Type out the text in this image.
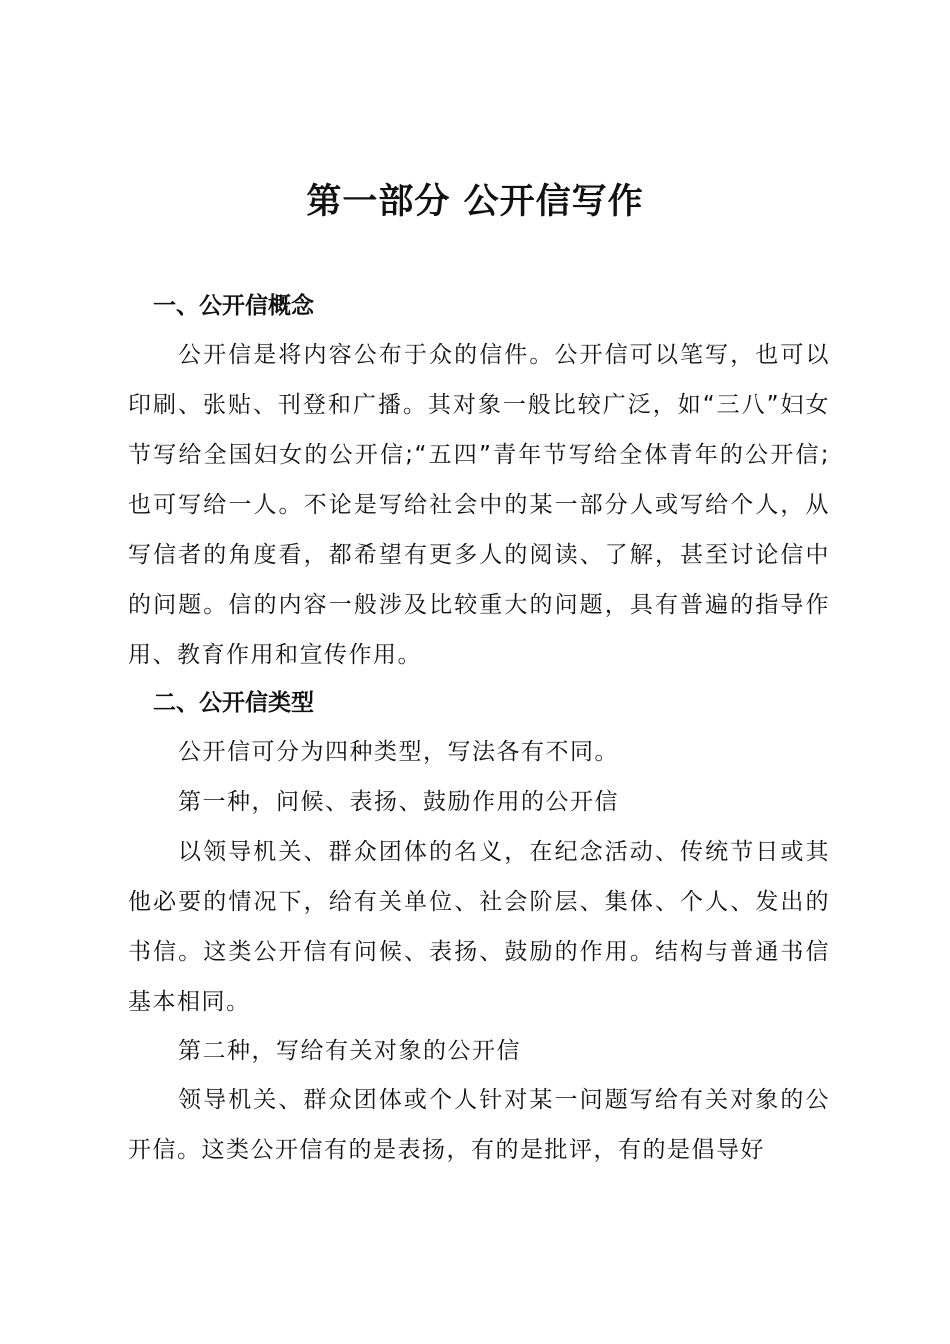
第一部分 公开信写作
一、公开信概念
公开信是将内容公布于众的信件。公开信可以笔写，也可以印刷、张贴、刊登和广播。其对象一般比较广泛，如“三八”妇女节写给全国妇女的公开信;“五四”青年节写给全体青年的公开信;也可写给一人。不论是写给社会中的某一部分人或写给个人，从写信者的角度看，都希望有更多人的阅读、了解，甚至讨论信中的问题。信的内容一般涉及比较重大的问题，具有普遍的指导作用、教育作用和宣传作用。
二、公开信类型
公开信可分为四种类型，写法各有不同。
第一种，问候、表扬、鼓励作用的公开信
以领导机关、群众团体的名义，在纪念活动、传统节日或其他必要的情况下，给有关单位、社会阶层、集体、个人、发出的书信。这类公开信有问候、表扬、鼓励的作用。结构与普通书信基本相同。
第二种，写给有关对象的公开信
领导机关、群众团体或个人针对某一问题写给有关对象的公开信。这类公开信有的是表扬，有的是批评，有的是倡导好
